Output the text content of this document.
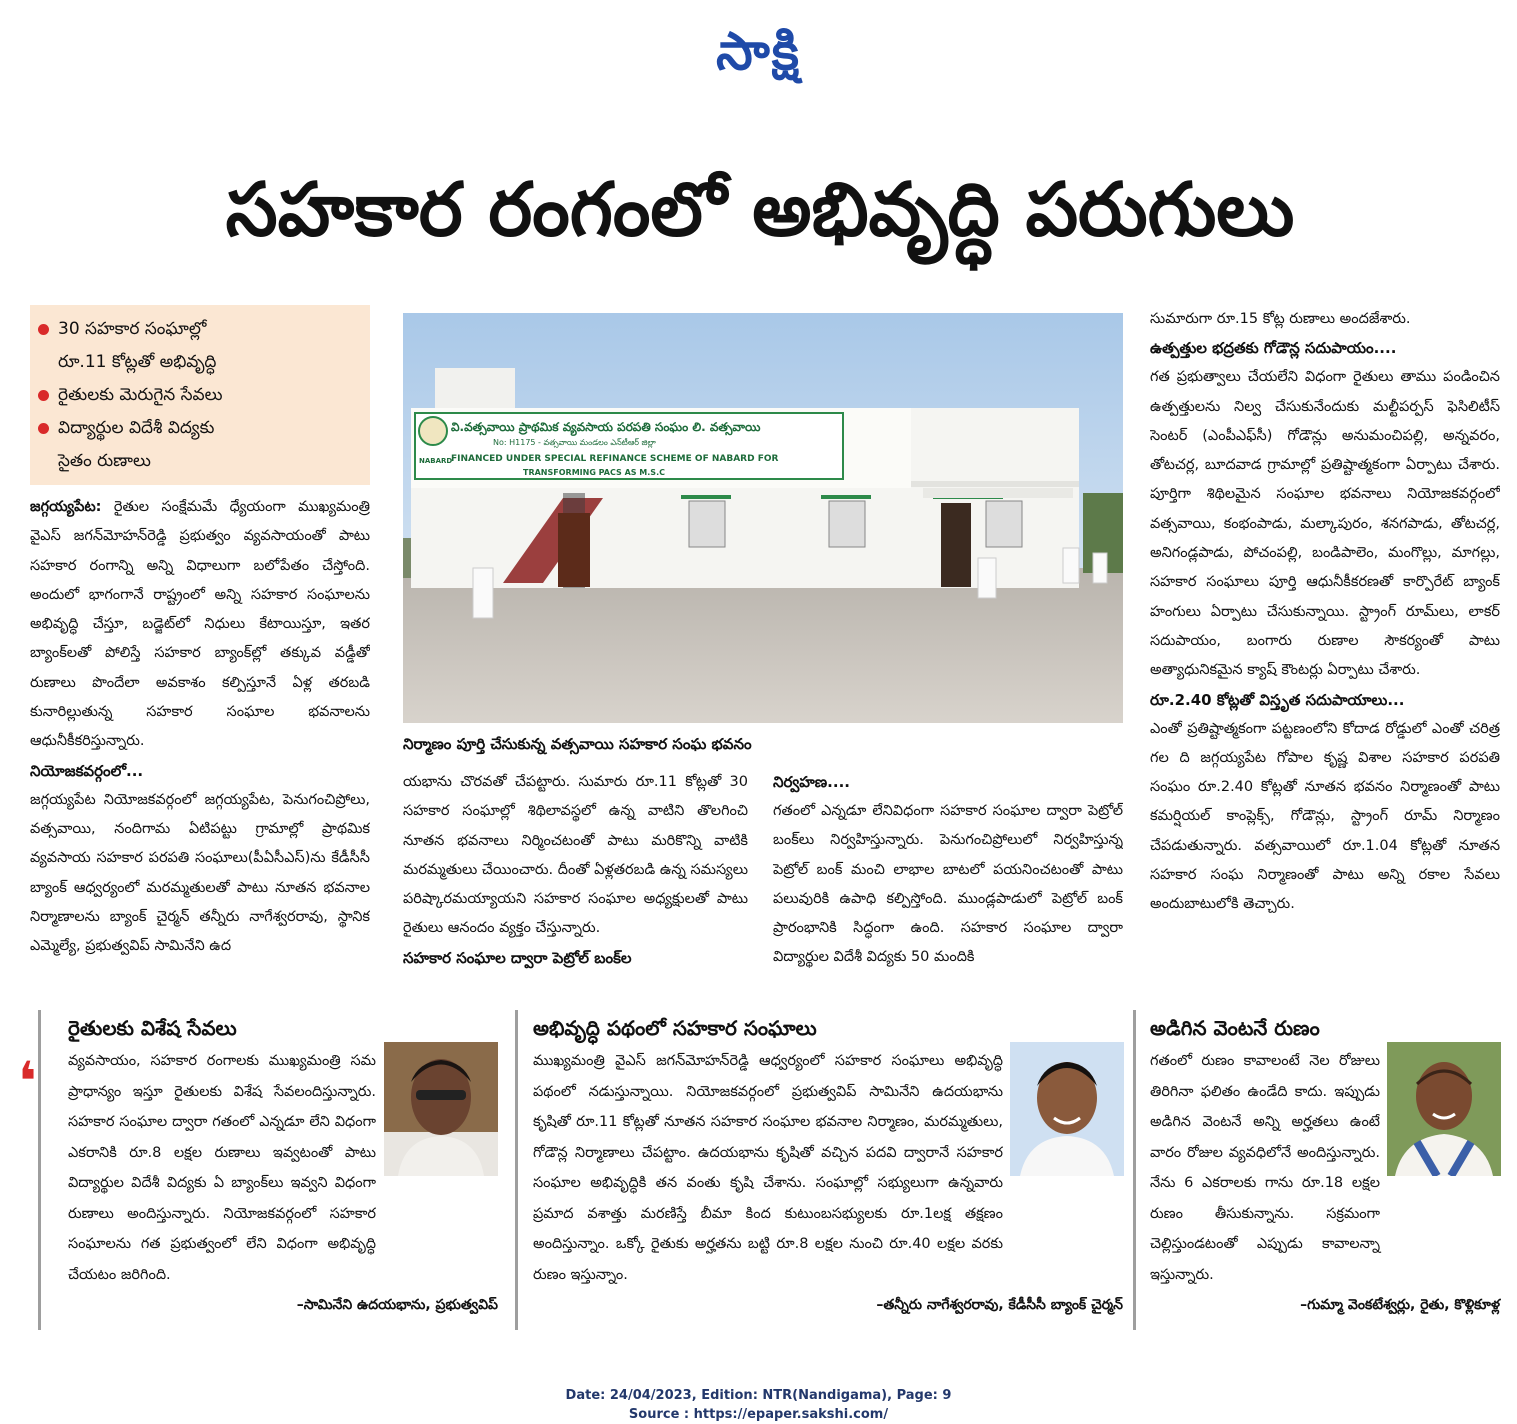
సాక్షి
సహకార రంగంలో అభివృద్ధి పరుగులు
30 సహకార సంఘాల్లో
రూ.11 కోట్లతో అభివృద్ధి
రైతులకు మెరుగైన సేవలు
విద్యార్థుల విదేశీ విద్యకు
సైతం రుణాలు

జగ్గయ్యపేట: రైతుల సంక్షేమమే ధ్యేయంగా ముఖ్యమంత్రి వైఎస్ జగన్‌మోహన్‌రెడ్డి ప్రభుత్వం వ్యవసాయంతో పాటు సహకార రంగాన్ని అన్ని విధాలుగా బలోపేతం చేస్తోంది. అందులో భాగంగానే రాష్ట్రంలో అన్ని సహకార సంఘాలను అభివృద్ధి చేస్తూ, బడ్జెట్‌లో నిధులు కేటాయిస్తూ, ఇతర బ్యాంక్‌లతో పోలిస్తే సహకార బ్యాంక్‌ల్లో తక్కువ వడ్డీతో రుణాలు పొందేలా అవకాశం కల్పిస్తూనే ఏళ్ల తరబడి కునారిల్లుతున్న సహకార సంఘాల భవనాలను ఆధునీకీకరిస్తున్నారు.

నియోజకవర్గంలో...

జగ్గయ్యపేట నియోజకవర్గంలో జగ్గయ్యపేట, పెనుగంచిప్రోలు, వత్సవాయి, నందిగామ ఏటిపట్టు గ్రామాల్లో ప్రాథమిక వ్యవసాయ సహకార పరపతి సంఘాలు(పీఏసీఎస్)ను కేడీసీసీ బ్యాంక్ ఆధ్వర్యంలో మరమ్మతులతో పాటు నూతన భవనాల నిర్మాణాలను బ్యాంక్ చైర్మన్ తన్నీరు నాగేశ్వరరావు, స్థానిక ఎమ్మెల్యే, ప్రభుత్వవిప్ సామినేని ఉద

NABARD
వి.వత్సవాయి ప్రాథమిక వ్యవసాయ పరపతి సంఘం లి. వత్సవాయి
No: H1175 - వత్సవాయి మండలం ఎన్‌టీఆర్ జిల్లా
FINANCED UNDER SPECIAL REFINANCE SCHEME OF NABARD FOR
TRANSFORMING PACS AS M.S.C
నిర్మాణం పూర్తి చేసుకున్న వత్సవాయి సహకార సంఘ భవనం

యభాను చొరవతో చేపట్టారు. సుమారు రూ.11 కోట్లతో 30 సహకార సంఘాల్లో శిథిలావస్థలో ఉన్న వాటిని తొలగించి నూతన భవనాలు నిర్మించటంతో పాటు మరికొన్ని వాటికి మరమ్మతులు చేయించారు. దీంతో ఏళ్లతరబడి ఉన్న సమస్యలు పరిష్కారమయ్యాయని సహకార సంఘాల అధ్యక్షులతో పాటు రైతులు ఆనందం వ్యక్తం చేస్తున్నారు.

సహకార సంఘాల ద్వారా పెట్రోల్ బంక్‌ల
నిర్వహణ....

గతంలో ఎన్నడూ లేనివిధంగా సహకార సంఘాల ద్వారా పెట్రోల్ బంక్‌లు నిర్వహిస్తున్నారు. పెనుగంచిప్రోలులో నిర్వహిస్తున్న పెట్రోల్ బంక్ మంచి లాభాల బాటలో పయనించటంతో పాటు పలువురికి ఉపాధి కల్పిస్తోంది. ముండ్లపాడులో పెట్రోల్ బంక్ ప్రారంభానికి సిద్ధంగా ఉంది. సహకార సంఘాల ద్వారా విద్యార్థుల విదేశీ విద్యకు 50 మందికి

సుమారుగా రూ.15 కోట్ల రుణాలు అందజేశారు.

ఉత్పత్తుల భద్రతకు గోడౌన్ల సదుపాయం....

గత ప్రభుత్వాలు చేయలేని విధంగా రైతులు తాము పండించిన ఉత్పత్తులను నిల్వ చేసుకునేందుకు మల్టీపర్పస్ ఫెసిలిటీస్ సెంటర్ (ఎంపీఎఫ్‌సీ) గోడౌన్లు అనుమంచిపల్లి, అన్నవరం, తోటచర్ల, బూదవాడ గ్రామాల్లో ప్రతిష్టాత్మకంగా ఏర్పాటు చేశారు. పూర్తిగా శిథిలమైన సంఘాల భవనాలు నియోజకవర్గంలో వత్సవాయి, కంభంపాడు, మల్కాపురం, శనగపాడు, తోటచర్ల, అనిగండ్లపాడు, పోచంపల్లి, బండిపాలెం, మంగొల్లు, మాగల్లు, సహకార సంఘాలు పూర్తి ఆధునీకీకరణతో కార్పొరేట్ బ్యాంక్ హంగులు ఏర్పాటు చేసుకున్నాయి. స్ట్రాంగ్ రూమ్‌లు, లాకర్ సదుపాయం, బంగారు రుణాల సౌకర్యంతో పాటు అత్యాధునికమైన క్యాష్ కౌంటర్లు ఏర్పాటు చేశారు.

రూ.2.40 కోట్లతో విస్తృత సదుపాయాలు...

ఎంతో ప్రతిష్టాత్మకంగా పట్టణంలోని కోదాడ రోడ్డులో ఎంతో చరిత్ర గల ది జగ్గయ్యపేట గోపాల కృష్ణ విశాల సహకార పరపతి సంఘం రూ.2.40 కోట్లతో నూతన భవనం నిర్మాణంతో పాటు కమర్షియల్ కాంప్లెక్స్, గోడౌన్లు, స్ట్రాంగ్ రూమ్ నిర్మాణం చేపడుతున్నారు. వత్సవాయిలో రూ.1.04 కోట్లతో నూతన సహకార సంఘ నిర్మాణంతో పాటు అన్ని రకాల సేవలు అందుబాటులోకి తెచ్చారు.

❛
రైతులకు విశేష సేవలు
వ్యవసాయం, సహకార రంగాలకు ముఖ్యమంత్రి సమ ప్రాధాన్యం ఇస్తూ రైతులకు విశేష సేవలందిస్తున్నారు. సహకార సంఘాల ద్వారా గతంలో ఎన్నడూ లేని విధంగా ఎకరానికి రూ.8 లక్షల రుణాలు ఇవ్వటంతో పాటు విద్యార్థుల విదేశీ విద్యకు ఏ బ్యాంక్‌లు ఇవ్వని విధంగా రుణాలు అందిస్తున్నారు. నియోజకవర్గంలో సహకార సంఘాలను గత ప్రభుత్వంలో లేని విధంగా అభివృద్ధి చేయటం జరిగింది.
–సామినేని ఉదయభాను, ప్రభుత్వవిప్
అభివృద్ధి పథంలో సహకార సంఘాలు
ముఖ్యమంత్రి వైఎస్ జగన్‌మోహన్‌రెడ్డి ఆధ్వర్యంలో సహకార సంఘాలు అభివృద్ధి పథంలో నడుస్తున్నాయి. నియోజకవర్గంలో ప్రభుత్వవిప్ సామినేని ఉదయభాను కృషితో రూ.11 కోట్లతో నూతన సహకార సంఘాల భవనాల నిర్మాణం, మరమ్మతులు, గోడౌన్ల నిర్మాణాలు చేపట్టాం. ఉదయభాను కృషితో వచ్చిన పదవి ద్వారానే సహకార సంఘాల అభివృద్ధికి తన వంతు కృషి చేశాను. సంఘాల్లో సభ్యులుగా ఉన్నవారు ప్రమాద వశాత్తు మరణిస్తే బీమా కింద కుటుంబసభ్యులకు రూ.1లక్ష తక్షణం అందిస్తున్నాం. ఒక్కో రైతుకు అర్హతను బట్టి రూ.8 లక్షల నుంచి రూ.40 లక్షల వరకు రుణం ఇస్తున్నాం.
–తన్నీరు నాగేశ్వరరావు, కేడీసీసీ బ్యాంక్ చైర్మన్
అడిగిన వెంటనే రుణం
గతంలో రుణం కావాలంటే నెల రోజులు తిరిగినా ఫలితం ఉండేది కాదు. ఇప్పుడు అడిగిన వెంటనే అన్ని అర్హతలు ఉంటే వారం రోజుల వ్యవధిలోనే అందిస్తున్నారు. నేను 6 ఎకరాలకు గాను రూ.18 లక్షల రుణం తీసుకున్నాను. సక్రమంగా చెల్లిస్తుండటంతో ఎప్పుడు కావాలన్నా ఇస్తున్నారు.
–గుమ్మా వెంకటేశ్వర్లు, రైతు, కొళ్లికూళ్ల
Date: 24/04/2023, Edition: NTR(Nandigama), Page: 9
Source : https://epaper.sakshi.com/
